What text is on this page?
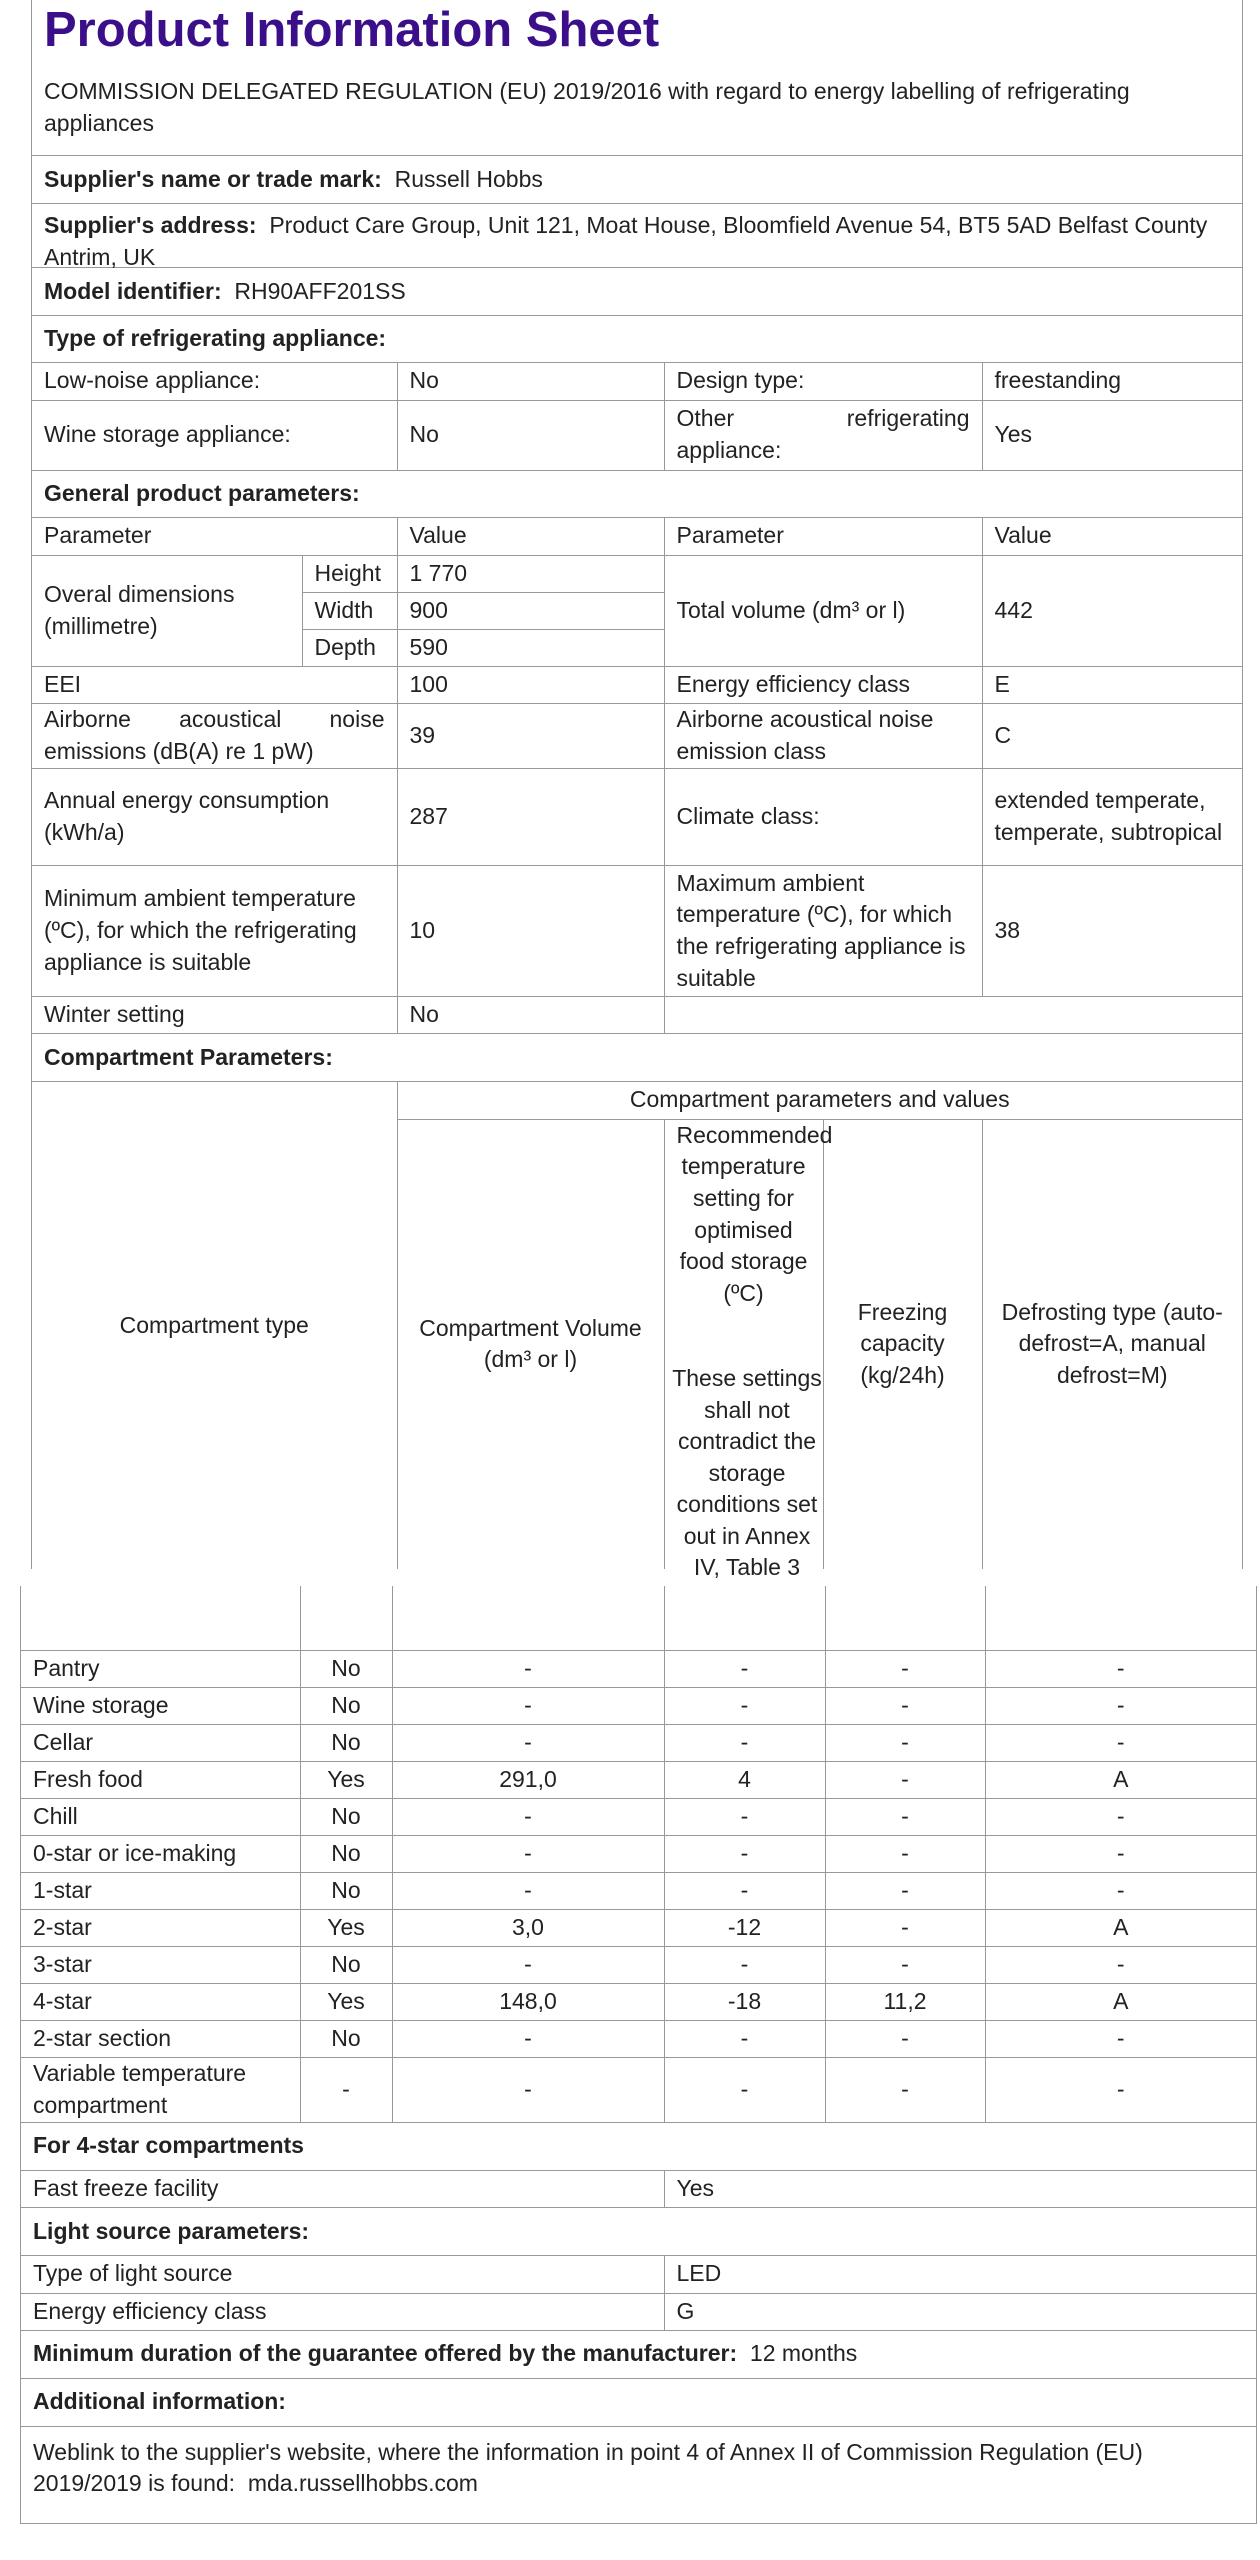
Product Information Sheet
COMMISSION DELEGATED REGULATION (EU) 2019/2016 with regard to energy labelling of refrigerating appliances
Supplier's name or trade mark:
Russell Hobbs
Supplier's address: Product Care Group, Unit 121, Moat House, Bloomfield Avenue 54, BT5 5AD Belfast County Antrim, UK
Model identifier:
RH90AFF201SS
Type of refrigerating appliance:
Low-noise appliance:	No	Design type:	freestanding
Wine storage appliance:	No	Other refrigerating appliance:	Yes
General product parameters:
Parameter		Value	Parameter	Value
Overal dimensions (millimetre)	Height	1 770	Total volume (dm³ or l)	442
	Width	900		
	Depth	590		
EEI		100	Energy efficiency class	E
Airborne acoustical noise emissions (dB(A) re 1 pW)		39	Airborne acoustical noise emission class	C
Annual energy consumption (kWh/a)		287	Climate class:	extended temperate, temperate, subtropical
Minimum ambient temperature (ºC), for which the refrigerating appliance is suitable		10	Maximum ambient temperature (ºC), for which the refrigerating appliance is suitable	38
Winter setting		No		
Compartment Parameters:
Compartment type	Compartment parameters and values			
	Compartment Volume (dm³ or l)	Recommended temperature setting for optimised food storage (ºC)	Freezing capacity (kg/24h)	Defrosting type (auto-defrost=A, manual defrost=M)
These settings shall not contradict the storage conditions set out in Annex IV, Table 3

Pantry	No	-	-	-	-
Wine storage	No	-	-	-	-
Cellar	No	-	-	-	-
Fresh food	Yes	291,0	4	-	A
Chill	No	-	-	-	-
0-star or ice-making	No	-	-	-	-
1-star	No	-	-	-	-
2-star	Yes	3,0	-12	-	A
3-star	No	-	-	-	-
4-star	Yes	148,0	-18	11,2	A
2-star section	No	-	-	-	-
Variable temperature compartment	-	-	-	-	-
For 4-star compartments
Fast freeze facility	Yes
Light source parameters:
Type of light source	LED
Energy efficiency class	G
Minimum duration of the guarantee offered by the manufacturer:
12 months
Additional information:
Weblink to the supplier's website, where the information in point 4 of Annex II of Commission Regulation (EU) 2019/2019 is found: mda.russellhobbs.com
